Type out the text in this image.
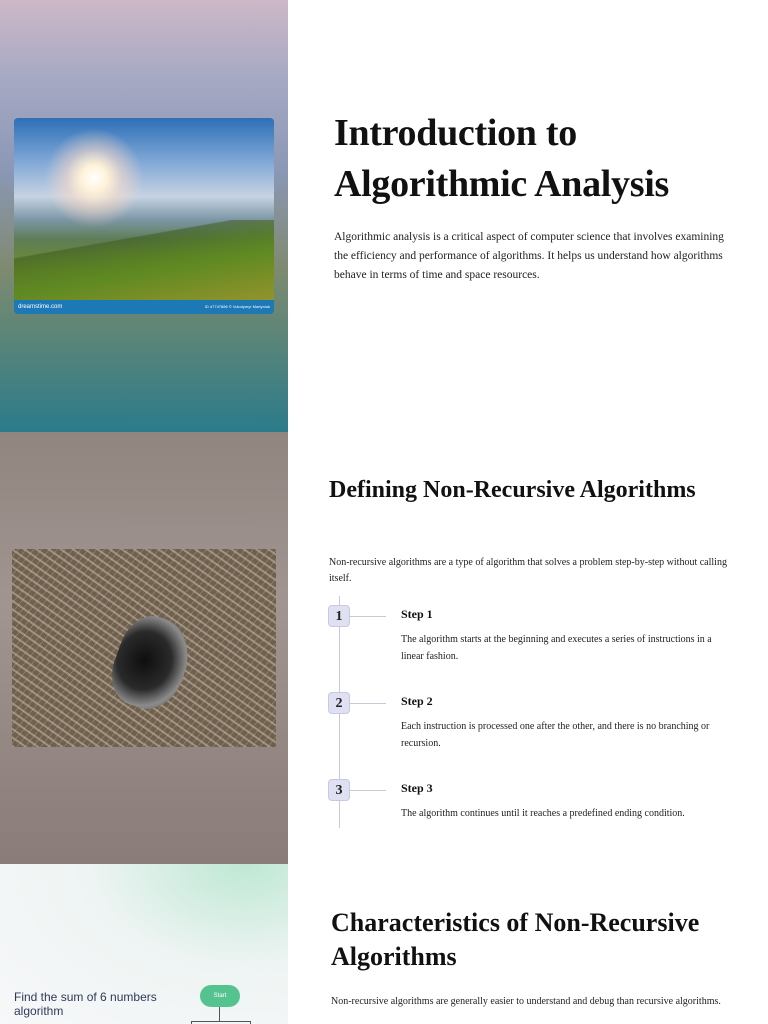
dreamstime.com	ID 47747886 © Volodymyr Martyniuk
Introduction to Algorithmic Analysis
Algorithmic analysis is a critical aspect of computer science that involves examining the efficiency and performance of algorithms. It helps us understand how algorithms behave in terms of time and space resources.
Defining Non-Recursive Algorithms
Non-recursive algorithms are a type of algorithm that solves a problem step-by-step without calling itself.
1	Step 1
The algorithm starts at the beginning and executes a series of instructions in a linear fashion.
2	Step 2
Each instruction is processed one after the other, and there is no branching or recursion.
3	Step 3
The algorithm continues until it reaches a predefined ending condition.
Find the sum of 6 numbers algorithm
Start
Characteristics of Non-Recursive Algorithms
Non-recursive algorithms are generally easier to understand and debug than recursive algorithms.
